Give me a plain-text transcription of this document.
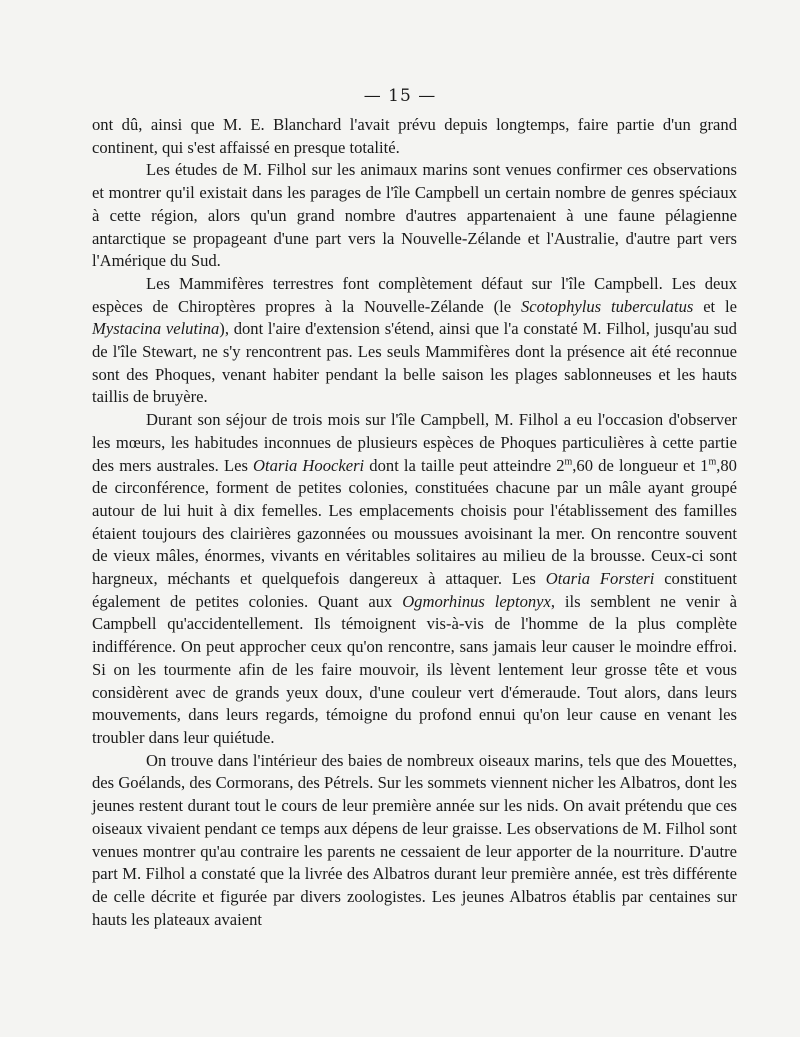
— 15 —

ont dû, ainsi que M. E. Blanchard l'avait prévu depuis longtemps, faire partie d'un grand continent, qui s'est affaissé en presque totalité.

Les études de M. Filhol sur les animaux marins sont venues confirmer ces observations et montrer qu'il existait dans les parages de l'île Campbell un certain nombre de genres spéciaux à cette région, alors qu'un grand nombre d'autres appartenaient à une faune pélagienne antarctique se propageant d'une part vers la Nouvelle-Zélande et l'Australie, d'autre part vers l'Amérique du Sud.

Les Mammifères terrestres font complètement défaut sur l'île Campbell. Les deux espèces de Chiroptères propres à la Nouvelle-Zélande (le Scotophylus tuberculatus et le Mystacina velutina), dont l'aire d'extension s'étend, ainsi que l'a constaté M. Filhol, jusqu'au sud de l'île Stewart, ne s'y rencontrent pas. Les seuls Mammifères dont la présence ait été reconnue sont des Phoques, venant habiter pendant la belle saison les plages sablonneuses et les hauts taillis de bruyère.

Durant son séjour de trois mois sur l'île Campbell, M. Filhol a eu l'occasion d'observer les mœurs, les habitudes inconnues de plusieurs espèces de Phoques particulières à cette partie des mers australes. Les Otaria Hoockeri dont la taille peut atteindre 2$^m$,60 de longueur et 1$^m$,80 de circonférence, forment de petites colonies, constituées chacune par un mâle ayant groupé autour de lui huit à dix femelles. Les emplacements choisis pour l'établissement des familles étaient toujours des clairières gazonnées ou moussues avoisinant la mer. On rencontre souvent de vieux mâles, énormes, vivants en véritables solitaires au milieu de la brousse. Ceux-ci sont hargneux, méchants et quelquefois dangereux à attaquer. Les Otaria Forsteri constituent également de petites colonies. Quant aux Ogmorhinus leptonyx, ils semblent ne venir à Campbell qu'accidentellement. Ils témoignent vis-à-vis de l'homme de la plus complète indifférence. On peut approcher ceux qu'on rencontre, sans jamais leur causer le moindre effroi. Si on les tourmente afin de les faire mouvoir, ils lèvent lentement leur grosse tête et vous considèrent avec de grands yeux doux, d'une couleur vert d'émeraude. Tout alors, dans leurs mouvements, dans leurs regards, témoigne du profond ennui qu'on leur cause en venant les troubler dans leur quiétude.

On trouve dans l'intérieur des baies de nombreux oiseaux marins, tels que des Mouettes, des Goélands, des Cormorans, des Pétrels. Sur les sommets viennent nicher les Albatros, dont les jeunes restent durant tout le cours de leur première année sur les nids. On avait prétendu que ces oiseaux vivaient pendant ce temps aux dépens de leur graisse. Les observations de M. Filhol sont venues montrer qu'au contraire les parents ne cessaient de leur apporter de la nourriture. D'autre part M. Filhol a constaté que la livrée des Albatros durant leur première année, est très différente de celle décrite et figurée par divers zoologistes. Les jeunes Albatros établis par centaines sur hauts les plateaux avaient
